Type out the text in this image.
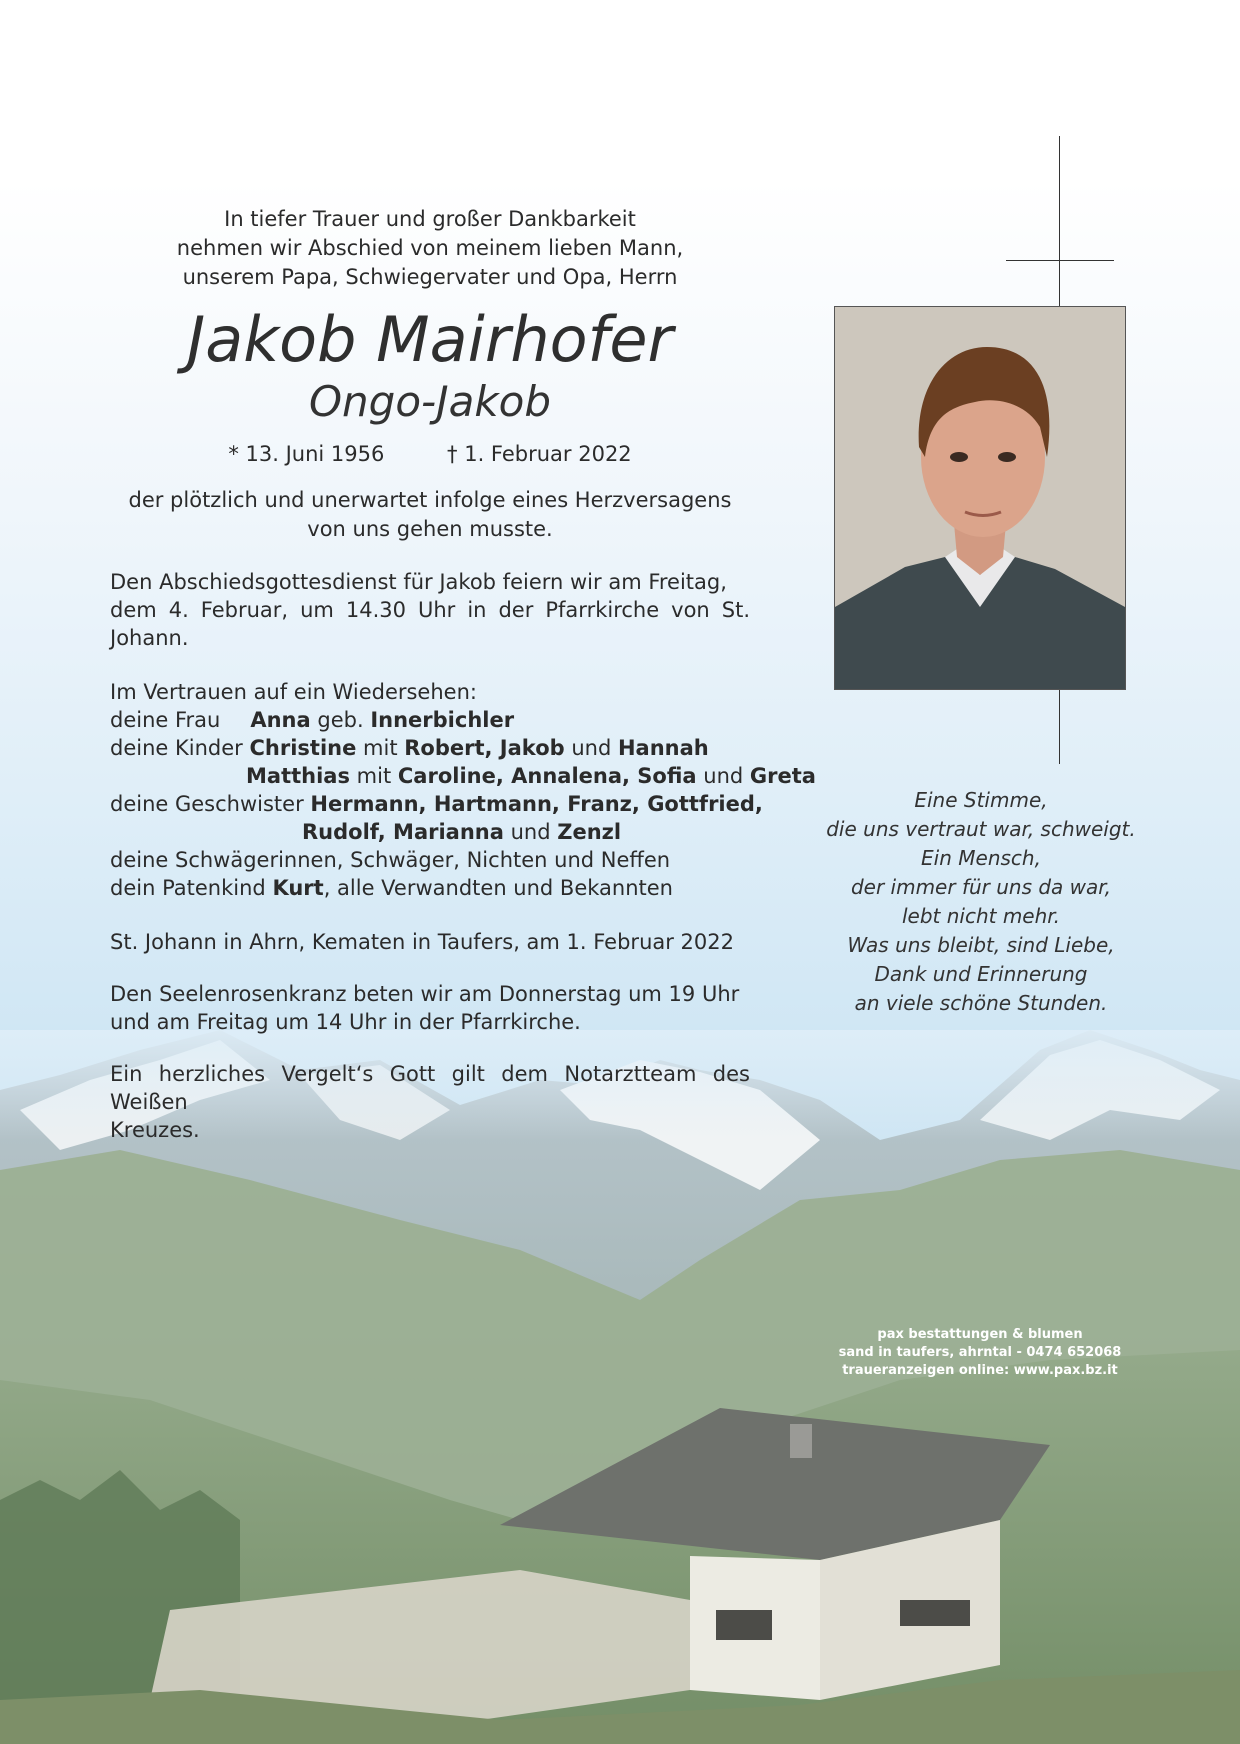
In tiefer Trauer und großer Dankbarkeit
nehmen wir Abschied von meinem lieben Mann,
unserem Papa, Schwiegervater und Opa, Herrn
Jakob Mairhofer
Ongo-Jakob
* 13. Juni 1956	† 1. Februar 2022
der plötzlich und unerwartet infolge eines Herzversagens
von uns gehen musste.
Den Abschiedsgottesdienst für Jakob feiern wir am Freitag,
dem 4. Februar, um 14.30 Uhr in der Pfarrkirche von St. Johann.
Im Vertrauen auf ein Wiedersehen:
deine Frau Anna geb. Innerbichler
deine Kinder Christine mit Robert, Jakob und Hannah
Matthias mit Caroline, Annalena, Sofia und Greta
deine Geschwister Hermann, Hartmann, Franz, Gottfried,
Rudolf, Marianna und Zenzl
deine Schwägerinnen, Schwäger, Nichten und Neffen
dein Patenkind Kurt, alle Verwandten und Bekannten
St. Johann in Ahrn, Kematen in Taufers, am 1. Februar 2022
Den Seelenrosenkranz beten wir am Donnerstag um 19 Uhr
und am Freitag um 14 Uhr in der Pfarrkirche.
Ein herzliches Vergelt‘s Gott gilt dem Notarztteam des Weißen
Kreuzes.
Eine Stimme,
die uns vertraut war, schweigt.
Ein Mensch,
der immer für uns da war,
lebt nicht mehr.
Was uns bleibt, sind Liebe,
Dank und Erinnerung
an viele schöne Stunden.
pax bestattungen & blumen
sand in taufers, ahrntal - 0474 652068
traueranzeigen online: www.pax.bz.it
